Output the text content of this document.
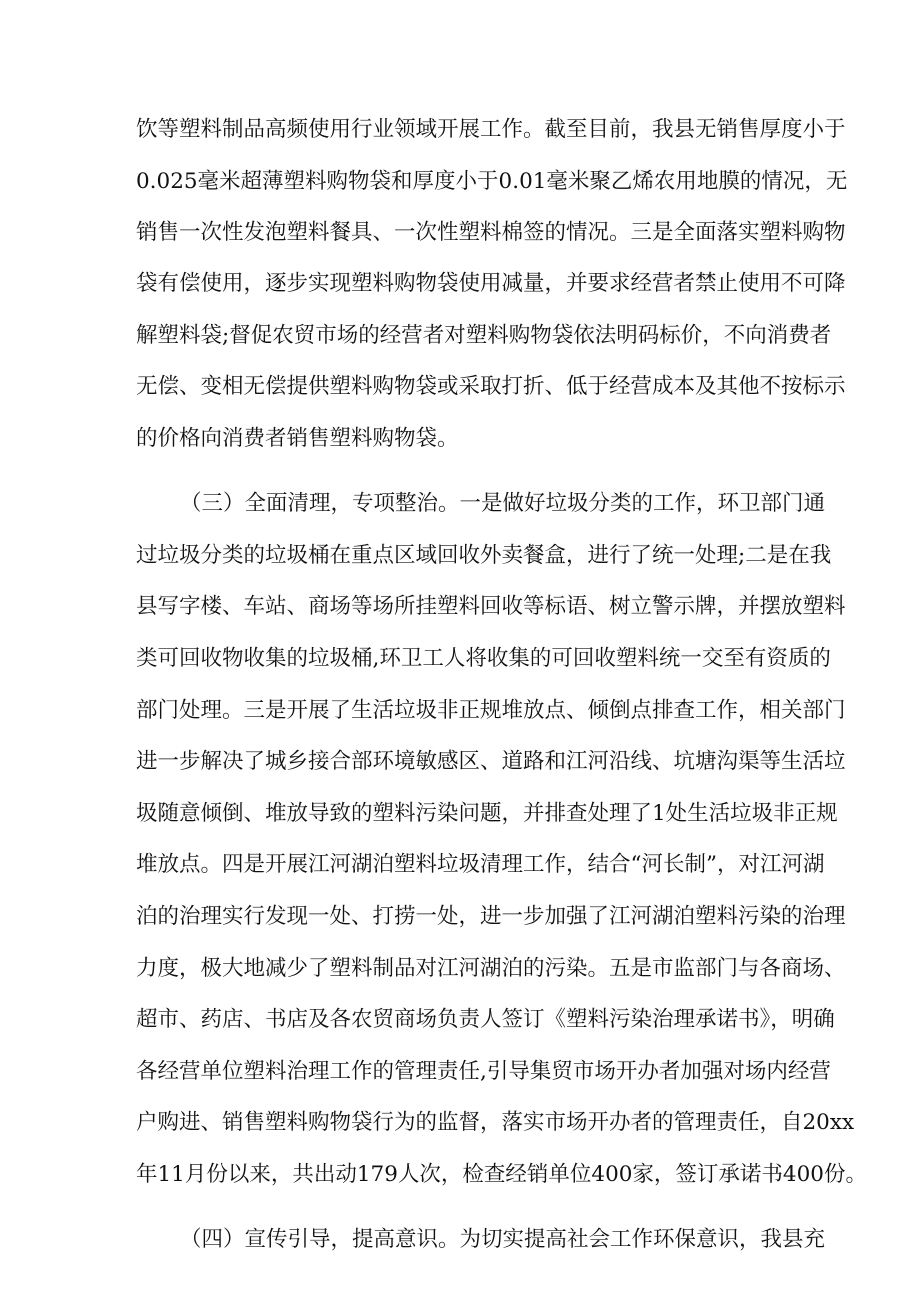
饮等塑料制品高频使用行业领域开展工作。截至目前，我县无销售厚度小于
0.025毫米超薄塑料购物袋和厚度小于0.01毫米聚乙烯农用地膜的情况，无
销售一次性发泡塑料餐具、一次性塑料棉签的情况。三是全面落实塑料购物
袋有偿使用，逐步实现塑料购物袋使用减量，并要求经营者禁止使用不可降
解塑料袋;督促农贸市场的经营者对塑料购物袋依法明码标价，不向消费者
无偿、变相无偿提供塑料购物袋或采取打折、低于经营成本及其他不按标示
的价格向消费者销售塑料购物袋。
（三）全面清理，专项整治。一是做好垃圾分类的工作，环卫部门通
过垃圾分类的垃圾桶在重点区域回收外卖餐盒，进行了统一处理;二是在我
县写字楼、车站、商场等场所挂塑料回收等标语、树立警示牌，并摆放塑料
类可回收物收集的垃圾桶,环卫工人将收集的可回收塑料统一交至有资质的
部门处理。三是开展了生活垃圾非正规堆放点、倾倒点排查工作，相关部门
进一步解决了城乡接合部环境敏感区、道路和江河沿线、坑塘沟渠等生活垃
圾随意倾倒、堆放导致的塑料污染问题，并排查处理了1处生活垃圾非正规
堆放点。四是开展江河湖泊塑料垃圾清理工作，结合“河长制”，对江河湖
泊的治理实行发现一处、打捞一处，进一步加强了江河湖泊塑料污染的治理
力度，极大地减少了塑料制品对江河湖泊的污染。五是市监部门与各商场、
超市、药店、书店及各农贸商场负责人签订《塑料污染治理承诺书》，明确
各经营单位塑料治理工作的管理责任,引导集贸市场开办者加强对场内经营
户购进、销售塑料购物袋行为的监督，落实市场开办者的管理责任，自20xx
年11月份以来，共出动179人次，检查经销单位400家，签订承诺书400份。
（四）宣传引导，提高意识。为切实提高社会工作环保意识，我县充
